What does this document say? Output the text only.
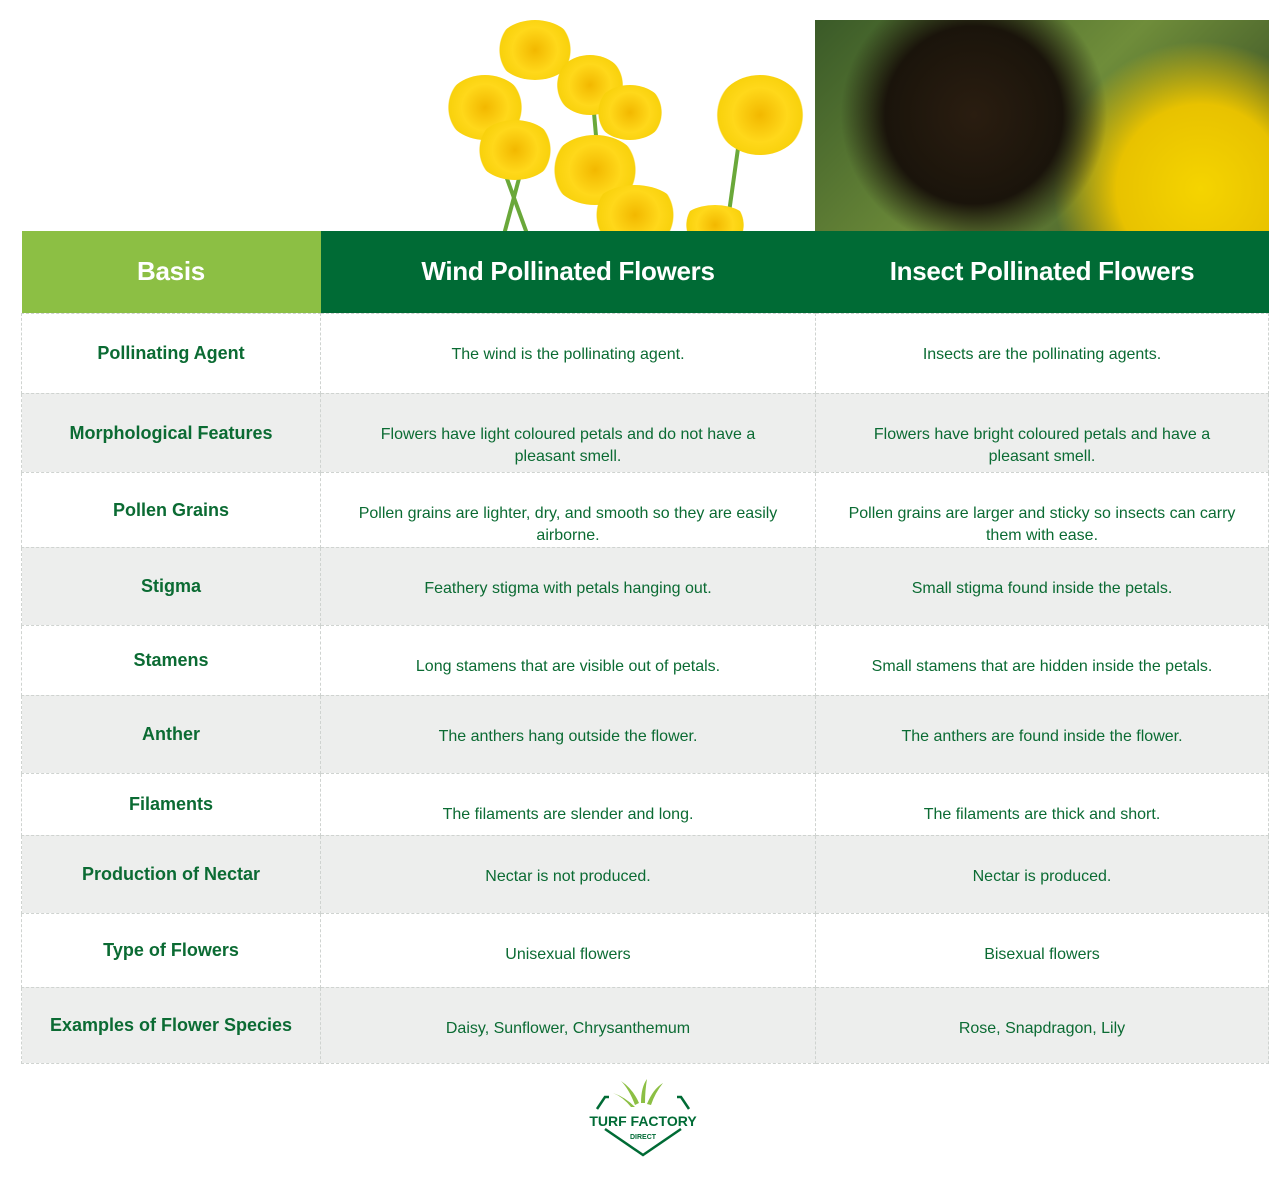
Basis	Wind Pollinated Flowers	Insect Pollinated Flowers
Pollinating Agent	The wind is the pollinating agent.	Insects are the pollinating agents.
Morphological Features	Flowers have light coloured petals and do not have a pleasant smell.	Flowers have bright coloured petals and have a pleasant smell.
Pollen Grains	Pollen grains are lighter, dry, and smooth so they are easily airborne.	Pollen grains are larger and sticky so insects can carry them with ease.
Stigma	Feathery stigma with petals hanging out.	Small stigma found inside the petals.
Stamens	Long stamens that are visible out of petals.	Small stamens that are hidden inside the petals.
Anther	The anthers hang outside the flower.	The anthers are found inside the flower.
Filaments	The filaments are slender and long.	The filaments are thick and short.
Production of Nectar	Nectar is not produced.	Nectar is produced.
Type of Flowers	Unisexual flowers	Bisexual flowers
Examples of Flower Species	Daisy, Sunflower, Chrysanthemum	Rose, Snapdragon, Lily
TURF FACTORY
DIRECT
